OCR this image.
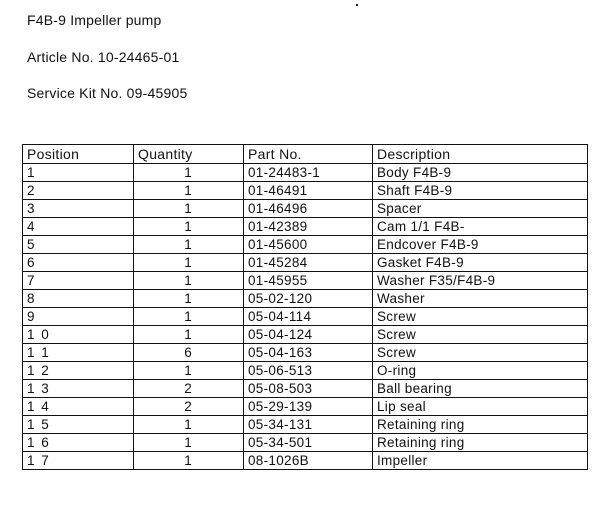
F4B-9 Impeller pump
Article No. 10-24465-01
Service Kit No. 09-45905
Position	Quantity	Part No.	Description
1	1	01-24483-1	Body F4B-9
2	1	01-46491	Shaft F4B-9
3	1	01-46496	Spacer
4	1	01-42389	Cam 1/1 F4B-
5	1	01-45600	Endcover F4B-9
6	1	01-45284	Gasket F4B-9
7	1	01-45955	Washer F35/F4B-9
8	1	05-02-120	Washer
9	1	05-04-114	Screw
1 0	1	05-04-124	Screw
1 1	6	05-04-163	Screw
1 2	1	05-06-513	O-ring
1 3	2	05-08-503	Ball bearing
1 4	2	05-29-139	Lip seal
1 5	1	05-34-131	Retaining ring
1 6	1	05-34-501	Retaining ring
1 7	1	08-1026B	Impeller
